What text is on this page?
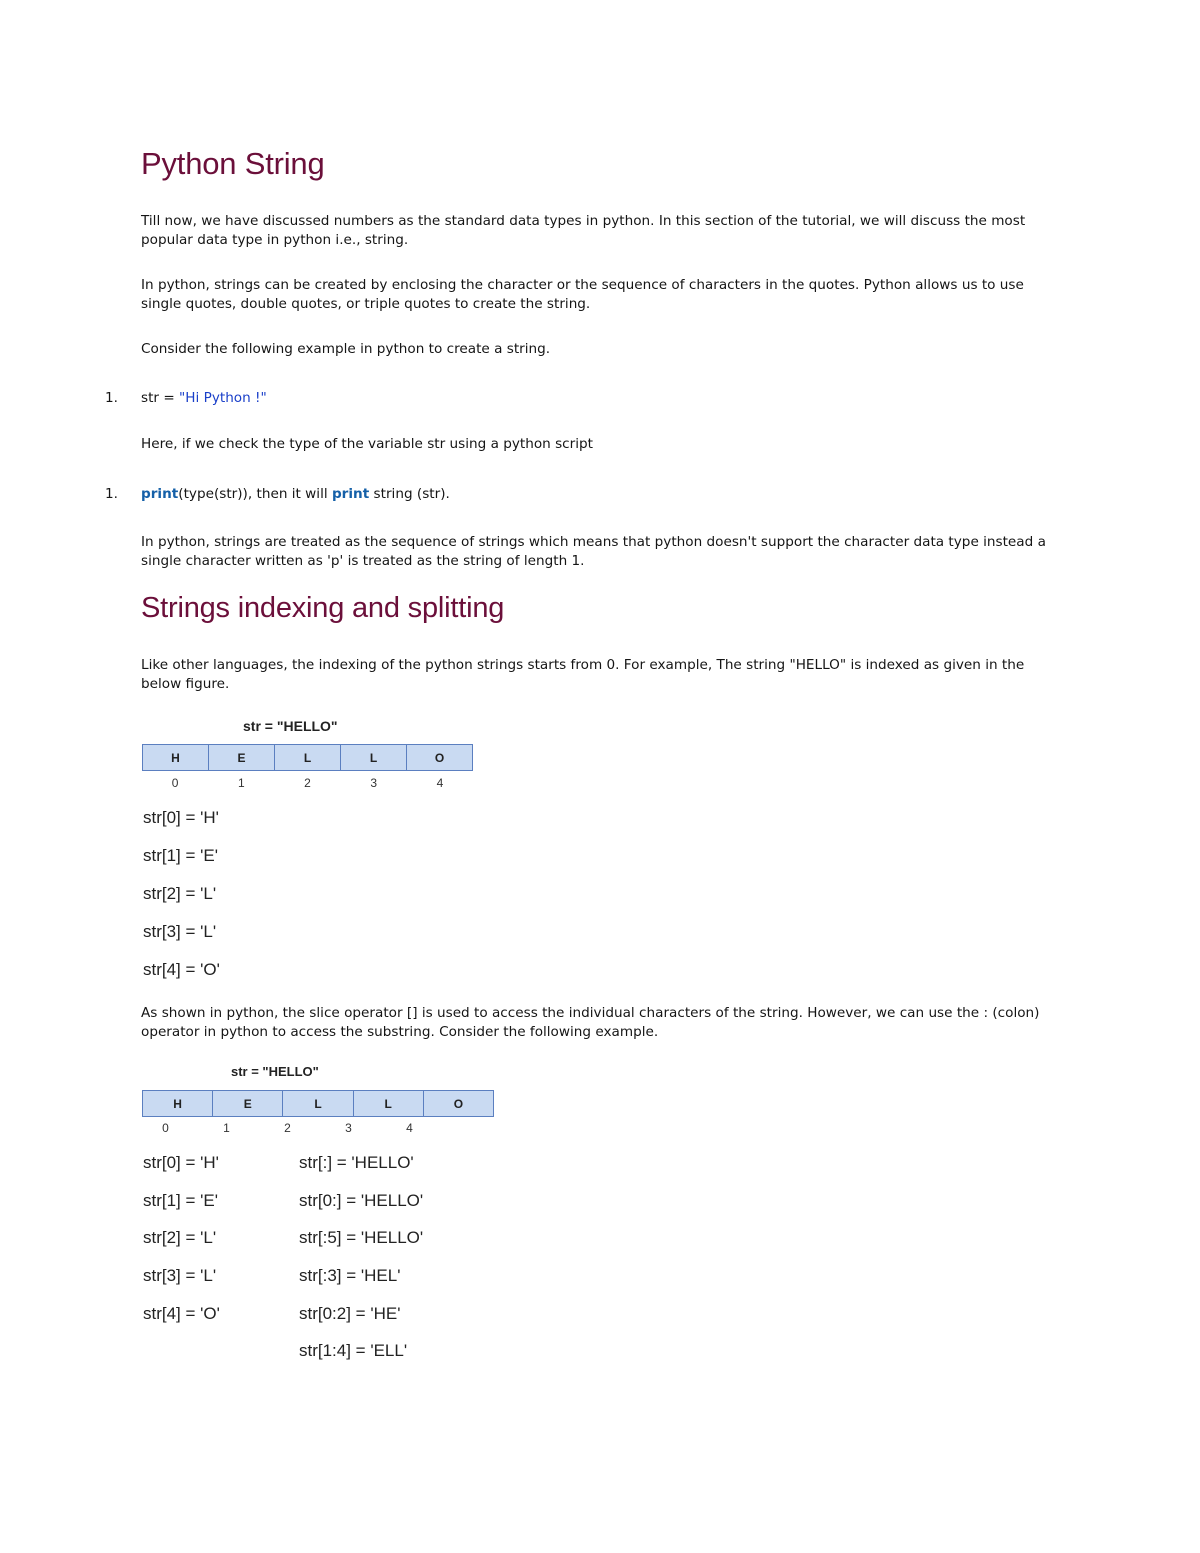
Python String

Till now, we have discussed numbers as the standard data types in python. In this section of the tutorial, we will discuss the most popular data type in python i.e., string.

In python, strings can be created by enclosing the character or the sequence of characters in the quotes. Python allows us to use single quotes, double quotes, or triple quotes to create the string.

Consider the following example in python to create a string.

1. str = "Hi Python !"

Here, if we check the type of the variable str using a python script

1. print(type(str)), then it will print string (str).

In python, strings are treated as the sequence of strings which means that python doesn't support the character data type instead a single character written as 'p' is treated as the string of length 1.

Strings indexing and splitting

Like other languages, the indexing of the python strings starts from 0. For example, The string "HELLO" is indexed as given in the below figure.

str = "HELLO"
H	E	L	L	O
0	1	2	3	4

str[0] = 'H'

str[1] = 'E'

str[2] = 'L'

str[3] = 'L'

str[4] = 'O'

As shown in python, the slice operator [] is used to access the individual characters of the string. However, we can use the : (colon) operator in python to access the substring. Consider the following example.

str = "HELLO"
H	E	L	L	O
0	1	2	3	4

str[0] = 'H'

str[1] = 'E'

str[2] = 'L'

str[3] = 'L'

str[4] = 'O'

str[:] = 'HELLO'

str[0:] = 'HELLO'

str[:5] = 'HELLO'

str[:3] = 'HEL'

str[0:2] = 'HE'

str[1:4] = 'ELL'
